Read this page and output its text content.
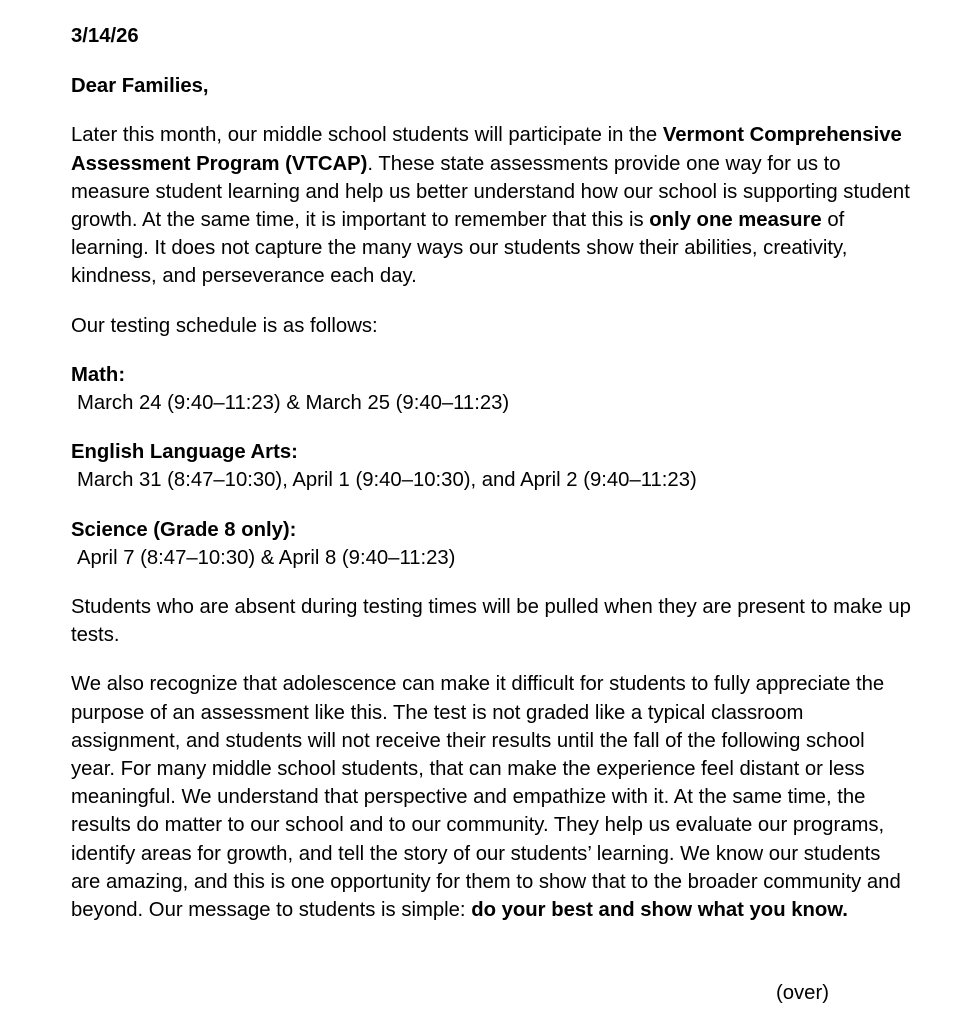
3/14/26
Dear Families,

Later this month, our middle school students will participate in the Vermont Comprehensive Assessment Program (VTCAP). These state assessments provide one way for us to measure student learning and help us better understand how our school is supporting student growth. At the same time, it is important to remember that this is only one measure of learning. It does not capture the many ways our students show their abilities, creativity, kindness, and perseverance each day.

Our testing schedule is as follows:

Math:
March 24 (9:40–11:23) & March 25 (9:40–11:23)
English Language Arts:
March 31 (8:47–10:30), April 1 (9:40–10:30), and April 2 (9:40–11:23)
Science (Grade 8 only):
April 7 (8:47–10:30) & April 8 (9:40–11:23)

Students who are absent during testing times will be pulled when they are present to make up tests.

We also recognize that adolescence can make it difficult for students to fully appreciate the purpose of an assessment like this. The test is not graded like a typical classroom assignment, and students will not receive their results until the fall of the following school year. For many middle school students, that can make the experience feel distant or less meaningful. We understand that perspective and empathize with it. At the same time, the results do matter to our school and to our community. They help us evaluate our programs, identify areas for growth, and tell the story of our students’ learning. We know our students are amazing, and this is one opportunity for them to show that to the broader community and beyond. Our message to students is simple: do your best and show what you know.

(over)
